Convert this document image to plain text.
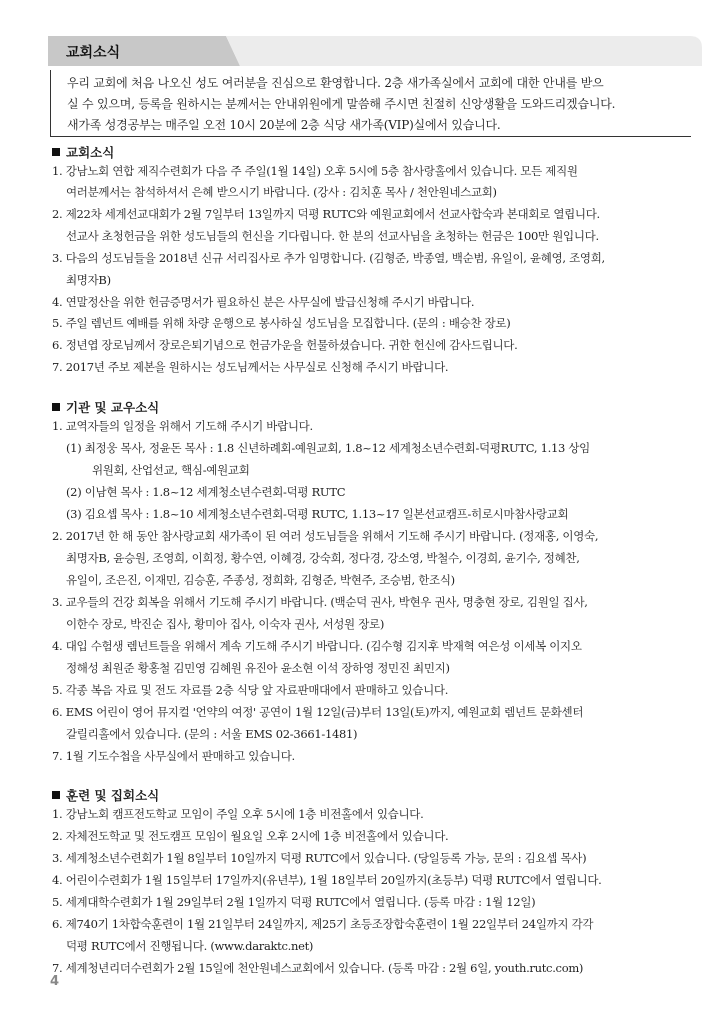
교회소식
우리 교회에 처음 나오신 성도 여러분을 진심으로 환영합니다. 2층 새가족실에서 교회에 대한 안내를 받으
실 수 있으며, 등록을 원하시는 분께서는 안내위원에게 말씀해 주시면 친절히 신앙생활을 도와드리겠습니다.
새가족 성경공부는 매주일 오전 10시 20분에 2층 식당 새가족(VIP)실에서 있습니다.
교회소식
1. 강남노회 연합 제직수련회가 다음 주 주일(1월 14일) 오후 5시에 5층 참사랑홀에서 있습니다. 모든 제직원
여러분께서는 참석하셔서 은혜 받으시기 바랍니다. (강사 : 김치훈 목사 / 천안원네스교회)
2. 제22차 세계선교대회가 2월 7일부터 13일까지 덕평 RUTC와 예원교회에서 선교사합숙과 본대회로 열립니다.
선교사 초청헌금을 위한 성도님들의 헌신을 기다립니다. 한 분의 선교사님을 초청하는 헌금은 100만 원입니다.
3. 다음의 성도님들을 2018년 신규 서리집사로 추가 임명합니다. (김형준, 박종열, 백순범, 유일이, 윤혜영, 조영희,
최명자B)
4. 연말정산을 위한 헌금증명서가 필요하신 분은 사무실에 발급신청해 주시기 바랍니다.
5. 주일 렘넌트 예배를 위해 차량 운행으로 봉사하실 성도님을 모집합니다. (문의 : 배승찬 장로)
6. 정년엽 장로님께서 장로은퇴기념으로 헌금가운을 헌물하셨습니다. 귀한 헌신에 감사드립니다.
7. 2017년 주보 제본을 원하시는 성도님께서는 사무실로 신청해 주시기 바랍니다.
기관 및 교우소식
1. 교역자들의 일정을 위해서 기도해 주시기 바랍니다.
(1) 최정웅 목사, 정윤돈 목사 : 1.8 신년하례회-예원교회, 1.8~12 세계청소년수련회-덕평RUTC, 1.13 상임
위원회, 산업선교, 핵심-예원교회
(2) 이남현 목사 : 1.8~12 세계청소년수련회-덕평 RUTC
(3) 김요셉 목사 : 1.8~10 세계청소년수련회-덕평 RUTC, 1.13~17 일본선교캠프-히로시마참사랑교회
2. 2017년 한 해 동안 참사랑교회 새가족이 된 여러 성도님들을 위해서 기도해 주시기 바랍니다. (정재홍, 이영숙,
최명자B, 윤승원, 조영희, 이희정, 황수연, 이혜경, 강숙희, 정다경, 강소영, 박철수, 이경희, 윤기수, 정혜찬,
유일이, 조은진, 이재민, 김승훈, 주종성, 정희화, 김형준, 박현주, 조승범, 한조식)
3. 교우들의 건강 회복을 위해서 기도해 주시기 바랍니다. (백순덕 권사, 박현우 권사, 명충현 장로, 김원일 집사,
이한수 장로, 박진순 집사, 황미아 집사, 이숙자 권사, 서성원 장로)
4. 대입 수험생 렘넌트들을 위해서 계속 기도해 주시기 바랍니다. (김수형 김지후 박재혁 여은성 이세복 이지오
정해성 최원준 황홍철 김민영 김혜원 유진아 윤소현 이석 장하영 정민진 최민지)
5. 각종 복음 자료 및 전도 자료를 2층 식당 앞 자료판매대에서 판매하고 있습니다.
6. EMS 어린이 영어 뮤지컬 '언약의 여정' 공연이 1월 12일(금)부터 13일(토)까지, 예원교회 렘넌트 문화센터
갈릴리홀에서 있습니다. (문의 : 서울 EMS 02-3661-1481)
7. 1월 기도수첩을 사무실에서 판매하고 있습니다.
훈련 및 집회소식
1. 강남노회 캠프전도학교 모임이 주일 오후 5시에 1층 비전홀에서 있습니다.
2. 자체전도학교 및 전도캠프 모임이 월요일 오후 2시에 1층 비전홀에서 있습니다.
3. 세계청소년수련회가 1월 8일부터 10일까지 덕평 RUTC에서 있습니다. (당일등록 가능, 문의 : 김요셉 목사)
4. 어린이수련회가 1월 15일부터 17일까지(유년부), 1월 18일부터 20일까지(초등부) 덕평 RUTC에서 열립니다.
5. 세계대학수련회가 1월 29일부터 2월 1일까지 덕평 RUTC에서 열립니다. (등록 마감 : 1월 12일)
6. 제740기 1차합숙훈련이 1월 21일부터 24일까지, 제25기 초등조장합숙훈련이 1월 22일부터 24일까지 각각
덕평 RUTC에서 진행됩니다. (www.daraktc.net)
7. 세계청년리더수련회가 2월 15일에 천안원네스교회에서 있습니다. (등록 마감 : 2월 6일, youth.rutc.com)
4
